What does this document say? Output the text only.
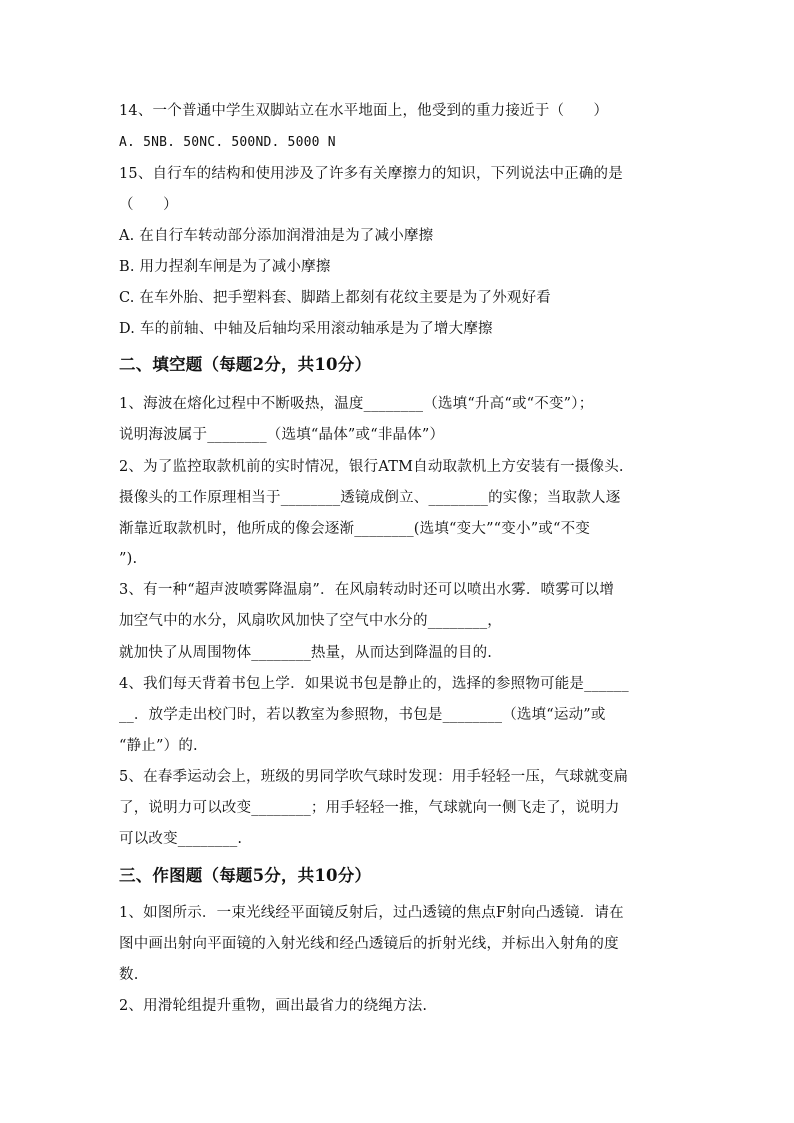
14、一个普通中学生双脚站立在水平地面上，他受到的重力接近于（　　）
A. 5NB. 50NC. 500ND. 5000 N
15、自行车的结构和使用涉及了许多有关摩擦力的知识，下列说法中正确的是
（　　）
A. 在自行车转动部分添加润滑油是为了减小摩擦
B. 用力捏刹车闸是为了减小摩擦
C. 在车外胎、把手塑料套、脚踏上都刻有花纹主要是为了外观好看
D. 车的前轴、中轴及后轴均采用滚动轴承是为了增大摩擦
二、填空题（每题2分，共10分）
1、海波在熔化过程中不断吸热，温度________（选填“升高“或“不变”）；
说明海波属于________（选填“晶体”或“非晶体”）
2、为了监控取款机前的实时情况，银行ATM自动取款机上方安装有一摄像头.
摄像头的工作原理相当于________透镜成倒立、________的实像；当取款人逐
渐靠近取款机时，他所成的像会逐渐________(选填“变大”“变小”或“不变
”).
3、有一种“超声波喷雾降温扇”．在风扇转动时还可以喷出水雾．喷雾可以增
加空气中的水分，风扇吹风加快了空气中水分的________，
就加快了从周围物体________热量，从而达到降温的目的.
4、我们每天背着书包上学．如果说书包是静止的，选择的参照物可能是______
__．放学走出校门时，若以教室为参照物，书包是________（选填“运动”或
“静止”）的.
5、在春季运动会上，班级的男同学吹气球时发现：用手轻轻一压，气球就变扁
了，说明力可以改变________；用手轻轻一推，气球就向一侧飞走了，说明力
可以改变________.
三、作图题（每题5分，共10分）
1、如图所示．一束光线经平面镜反射后，过凸透镜的焦点F射向凸透镜．请在
图中画出射向平面镜的入射光线和经凸透镜后的折射光线，并标出入射角的度
数.
2、用滑轮组提升重物，画出最省力的绕绳方法.
